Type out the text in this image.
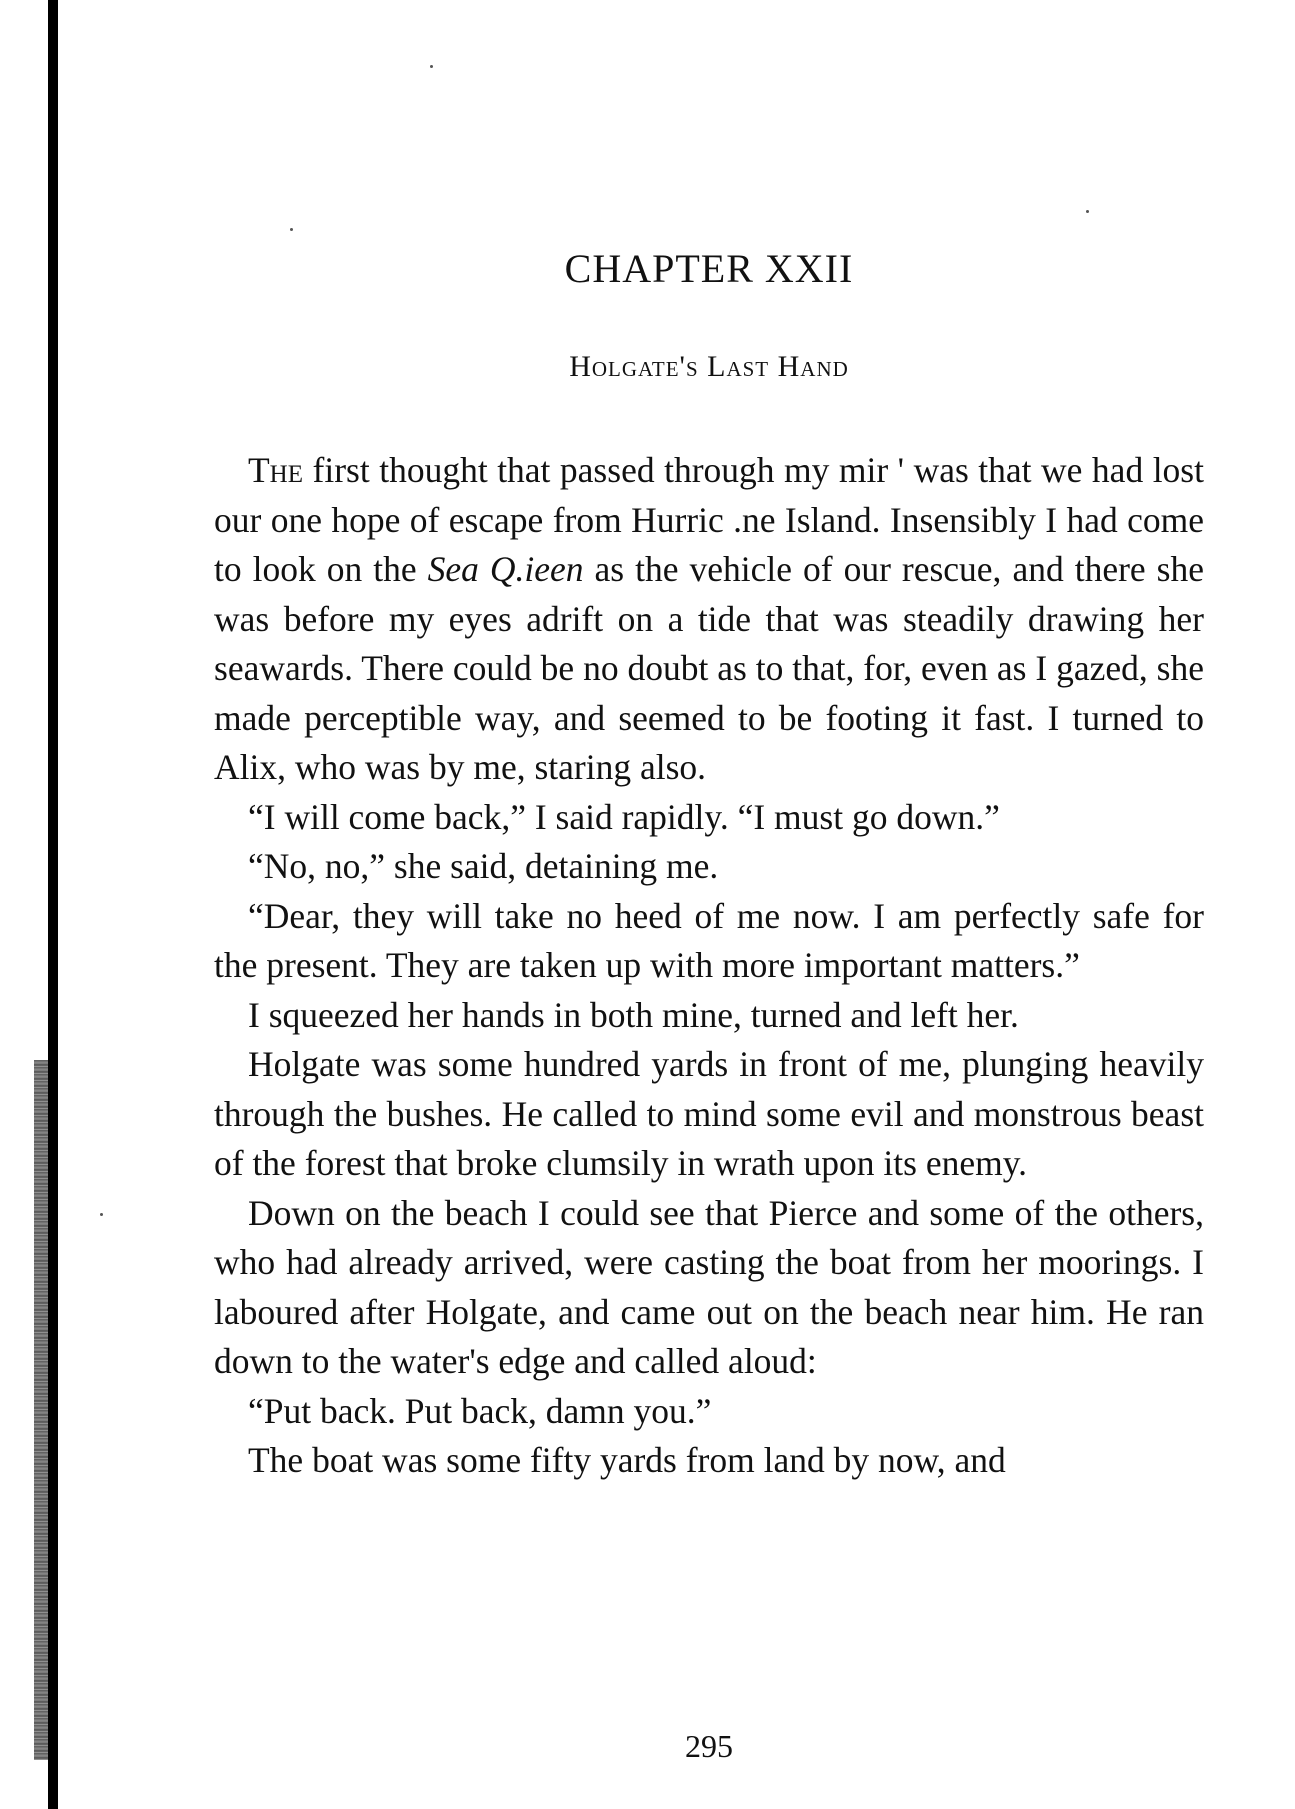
CHAPTER XXII
Holgate's Last Hand

The first thought that passed through my mir ' was that we had lost our one hope of escape from Hurric .ne Island. Insensibly I had come to look on the Sea Q.ieen as the vehicle of our rescue, and there she was before my eyes adrift on a tide that was steadily drawing her seawards. There could be no doubt as to that, for, even as I gazed, she made perceptible way, and seemed to be footing it fast. I turned to Alix, who was by me, staring also.

“I will come back,” I said rapidly. “I must go down.”

“No, no,” she said, detaining me.

“Dear, they will take no heed of me now. I am perfectly safe for the present. They are taken up with more important matters.”

I squeezed her hands in both mine, turned and left her.

Holgate was some hundred yards in front of me, plunging heavily through the bushes. He called to mind some evil and monstrous beast of the forest that broke clumsily in wrath upon its enemy.

Down on the beach I could see that Pierce and some of the others, who had already arrived, were casting the boat from her moorings. I laboured after Holgate, and came out on the beach near him. He ran down to the water's edge and called aloud:

“Put back. Put back, damn you.”

The boat was some fifty yards from land by now, and

295
